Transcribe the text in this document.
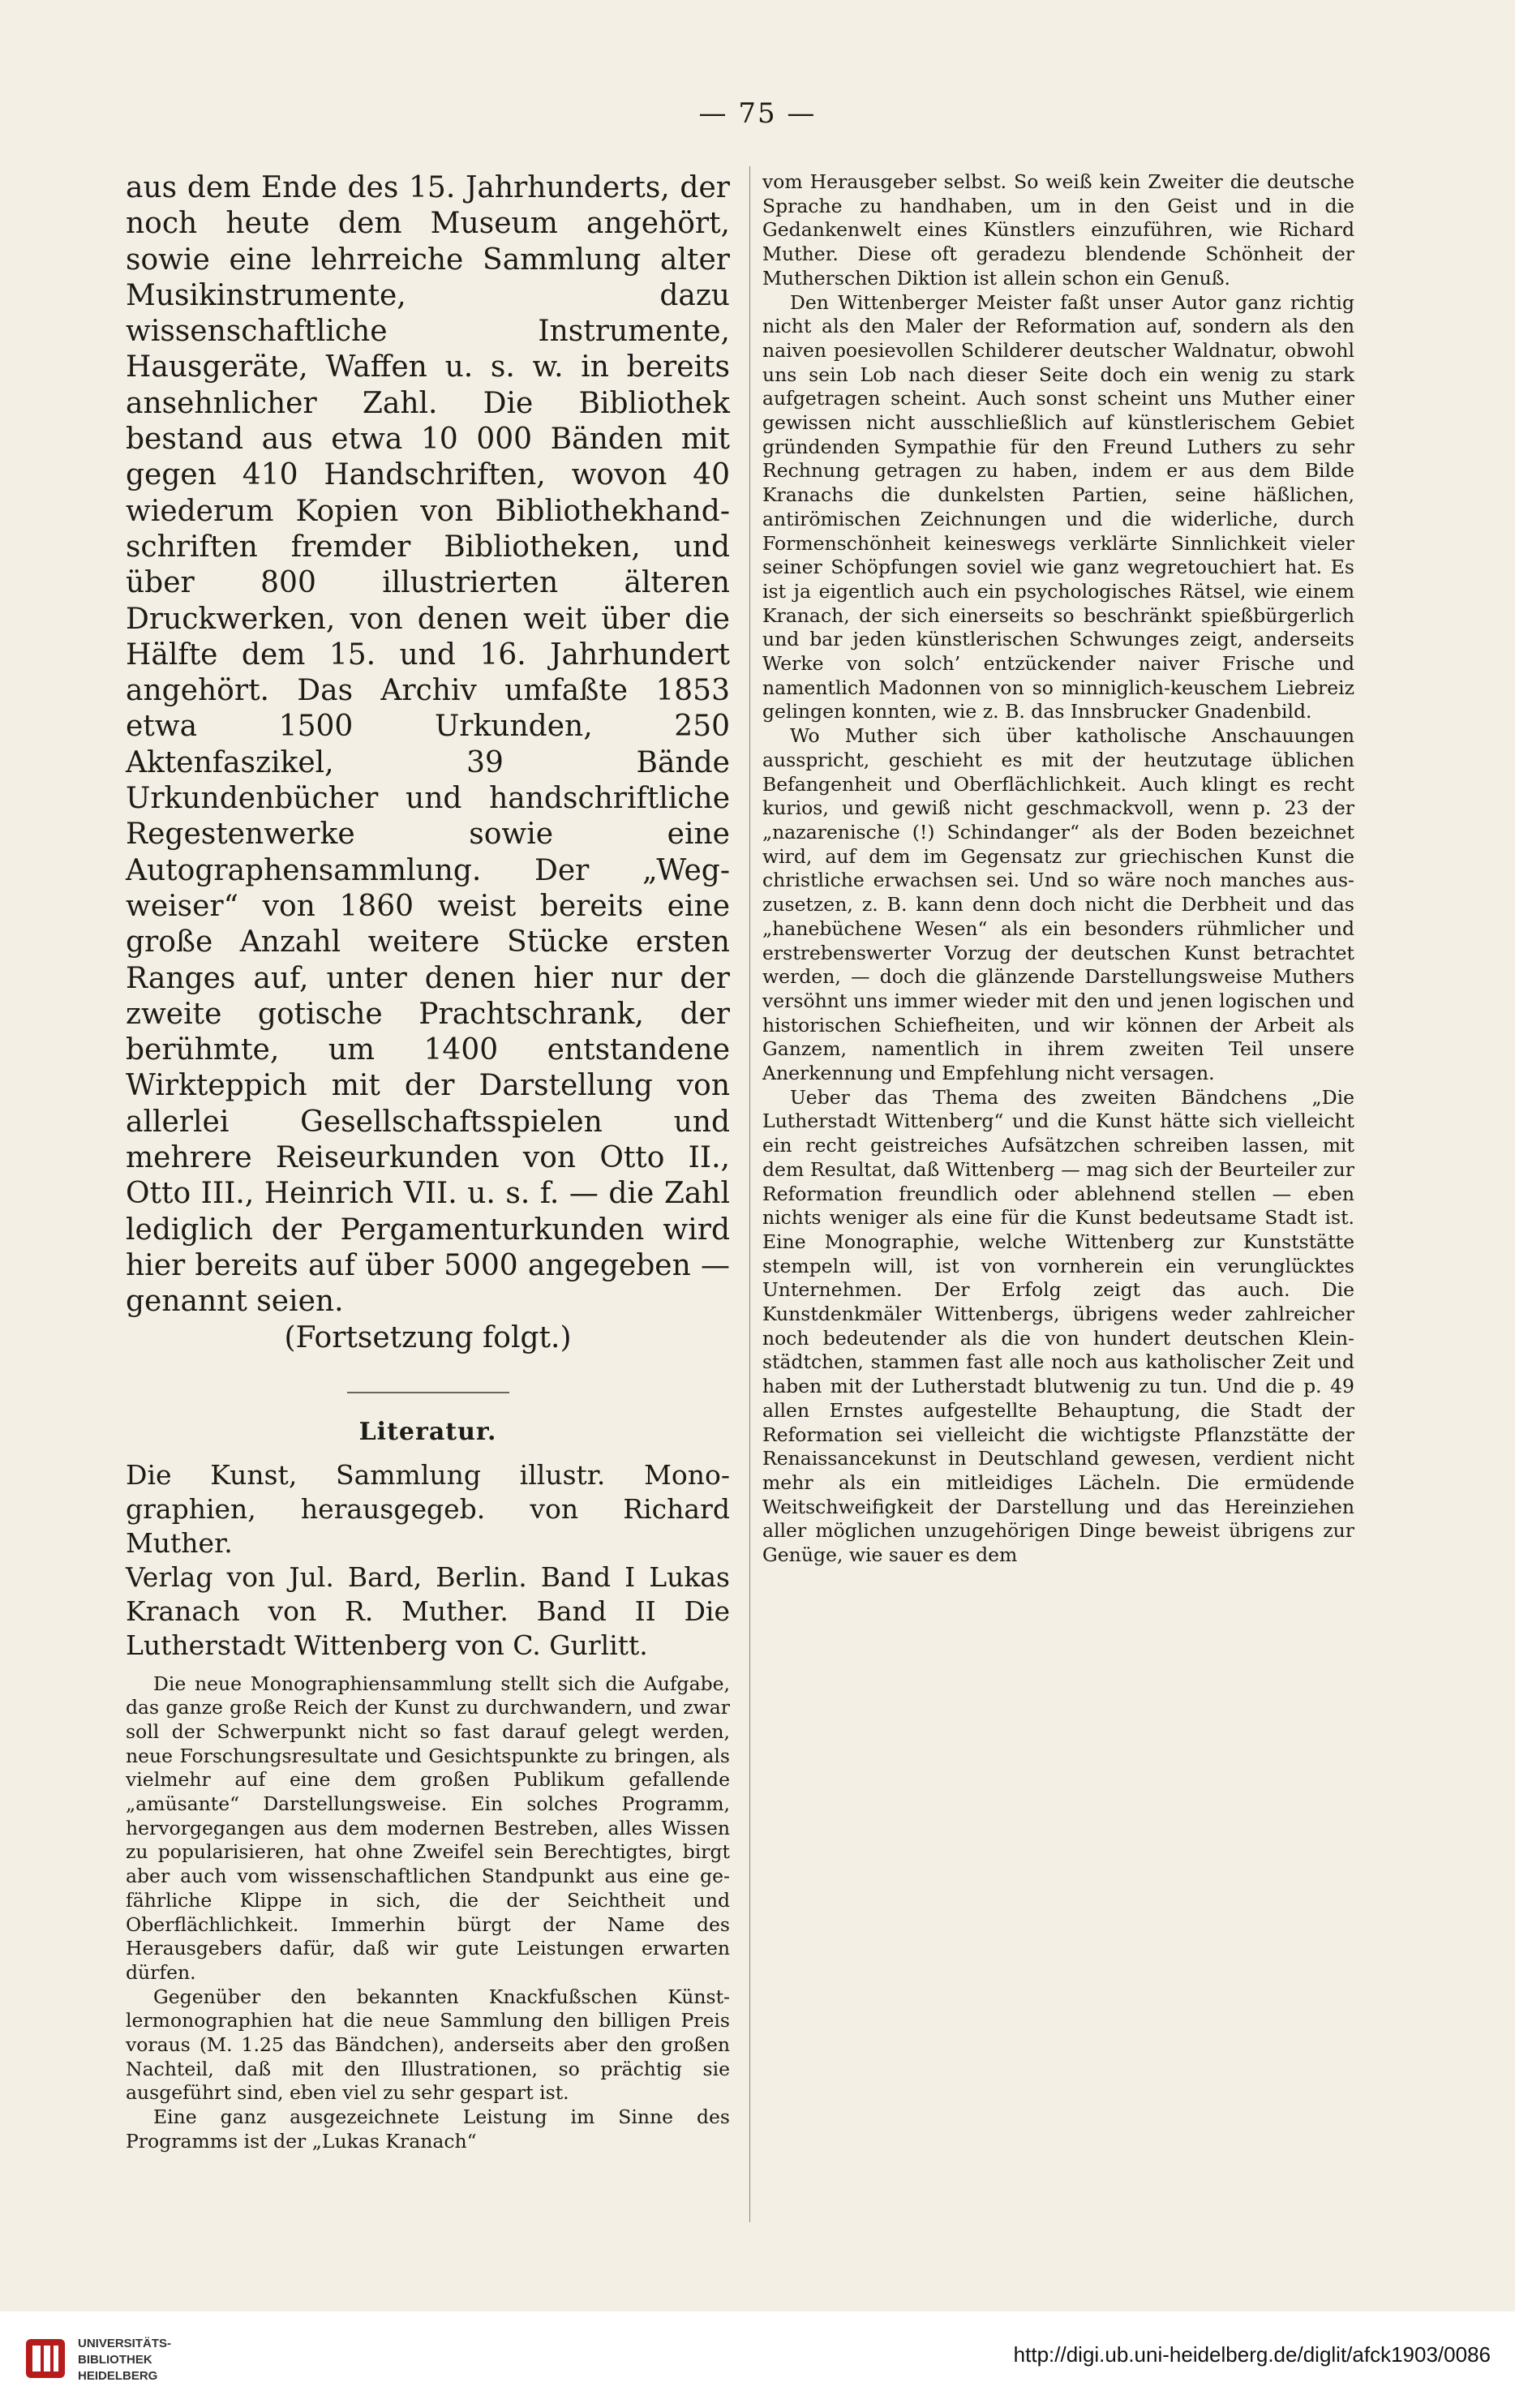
— 75 —

aus dem Ende des 15. Jahrhunderts, der noch heute dem Museum angehört, sowie eine lehrreiche Sammlung alter Musikinstrumente, dazu wissenschaftliche Instrumente, Hausgeräte, Waffen u. s. w. in bereits ansehnlicher Zahl. Die Bibliothek bestand aus etwa 10 000 Bänden mit gegen 410 Handschriften, wovon 40 wiederum Kopien von Bibliothekhandschriften fremder Bibliotheken, und über 800 illustrierten älteren Druckwerken, von denen weit über die Hälfte dem 15. und 16. Jahrhundert angehört. Das Archiv umfaßte 1853 etwa 1500 Urkunden, 250 Aktenfaszikel, 39 Bände Urkundenbücher und handschriftliche Regestenwerke sowie eine Autographensammlung. Der „Wegweiser“ von 1860 weist bereits eine große Anzahl weitere Stücke ersten Ranges auf, unter denen hier nur der zweite gotische Prachtschrank, der berühmte, um 1400 entstandene Wirkteppich mit der Darstellung von allerlei Gesellschaftsspielen und mehrere Reiseurkunden von Otto II., Otto III., Heinrich VII. u. s. f. — die Zahl lediglich der Pergamenturkunden wird hier bereits auf über 5000 angegeben — genannt seien.

(Fortsetzung folgt.)

Literatur.

Die Kunst, Sammlung illustr. Monographien, herausgegeb. von Richard Muther.

Verlag von Jul. Bard, Berlin. Band I Lukas Kranach von R. Muther. Band II Die Lutherstadt Wittenberg von C. Gurlitt.

Die neue Monographiensammlung stellt sich die Aufgabe, das ganze große Reich der Kunst zu durchwandern, und zwar soll der Schwerpunkt nicht so fast darauf gelegt werden, neue Forschungsresultate und Gesichtspunkte zu bringen, als vielmehr auf eine dem großen Publikum gefallende „amüsante“ Darstellungsweise. Ein solches Programm, hervorgegangen aus dem modernen Bestreben, alles Wissen zu popularisieren, hat ohne Zweifel sein Berechtigtes, birgt aber auch vom wissenschaftlichen Standpunkt aus eine gefährliche Klippe in sich, die der Seichtheit und Oberflächlichkeit. Immerhin bürgt der Name des Herausgebers dafür, daß wir gute Leistungen erwarten dürfen.

Gegenüber den bekannten Knackfußschen Künstlermonographien hat die neue Sammlung den billigen Preis voraus (M. 1.25 das Bändchen), anderseits aber den großen Nachteil, daß mit den Illustrationen, so prächtig sie ausgeführt sind, eben viel zu sehr gespart ist.

Eine ganz ausgezeichnete Leistung im Sinne des Programms ist der „Lukas Kranach“

vom Herausgeber selbst. So weiß kein Zweiter die deutsche Sprache zu handhaben, um in den Geist und in die Gedankenwelt eines Künstlers einzuführen, wie Richard Muther. Diese oft geradezu blendende Schönheit der Mutherschen Diktion ist allein schon ein Genuß.

Den Wittenberger Meister faßt unser Autor ganz richtig nicht als den Maler der Reformation auf, sondern als den naiven poesievollen Schilderer deutscher Waldnatur, obwohl uns sein Lob nach dieser Seite doch ein wenig zu stark aufgetragen scheint. Auch sonst scheint uns Muther einer gewissen nicht ausschließlich auf künstlerischem Gebiet gründenden Sympathie für den Freund Luthers zu sehr Rechnung getragen zu haben, indem er aus dem Bilde Kranachs die dunkelsten Partien, seine häßlichen, antirömischen Zeichnungen und die widerliche, durch Formenschönheit keineswegs verklärte Sinnlichkeit vieler seiner Schöpfungen soviel wie ganz wegretouchiert hat. Es ist ja eigentlich auch ein psychologisches Rätsel, wie einem Kranach, der sich einerseits so beschränkt spießbürgerlich und bar jeden künstlerischen Schwunges zeigt, anderseits Werke von solch’ entzückender naiver Frische und namentlich Madonnen von so minniglich-keuschem Liebreiz gelingen konnten, wie z. B. das Innsbrucker Gnadenbild.

Wo Muther sich über katholische Anschauungen ausspricht, geschieht es mit der heutzutage üblichen Befangenheit und Oberflächlichkeit. Auch klingt es recht kurios, und gewiß nicht geschmackvoll, wenn p. 23 der „nazarenische (!) Schindanger“ als der Boden bezeichnet wird, auf dem im Gegensatz zur griechischen Kunst die christliche erwachsen sei. Und so wäre noch manches auszusetzen, z. B. kann denn doch nicht die Derbheit und das „hanebüchene Wesen“ als ein besonders rühmlicher und erstrebenswerter Vorzug der deutschen Kunst betrachtet werden, — doch die glänzende Darstellungsweise Muthers versöhnt uns immer wieder mit den und jenen logischen und historischen Schiefheiten, und wir können der Arbeit als Ganzem, namentlich in ihrem zweiten Teil unsere Anerkennung und Empfehlung nicht versagen.

Ueber das Thema des zweiten Bändchens „Die Lutherstadt Wittenberg“ und die Kunst hätte sich vielleicht ein recht geistreiches Aufsätzchen schreiben lassen, mit dem Resultat, daß Wittenberg — mag sich der Beurteiler zur Reformation freundlich oder ablehnend stellen — eben nichts weniger als eine für die Kunst bedeutsame Stadt ist. Eine Monographie, welche Wittenberg zur Kunststätte stempeln will, ist von vornherein ein verunglücktes Unternehmen. Der Erfolg zeigt das auch. Die Kunstdenkmäler Wittenbergs, übrigens weder zahlreicher noch bedeutender als die von hundert deutschen Kleinstädtchen, stammen fast alle noch aus katholischer Zeit und haben mit der Lutherstadt blutwenig zu tun. Und die p. 49 allen Ernstes aufgestellte Behauptung, die Stadt der Reformation sei vielleicht die wichtigste Pflanzstätte der Renaissancekunst in Deutschland gewesen, verdient nicht mehr als ein mitleidiges Lächeln. Die ermüdende Weitschweifigkeit der Darstellung und das Hereinziehen aller möglichen unzugehörigen Dinge beweist übrigens zur Genüge, wie sauer es dem

UNIVERSITÄTS-
BIBLIOTHEK
HEIDELBERG
http://digi.ub.uni-heidelberg.de/diglit/afck1903/0086
